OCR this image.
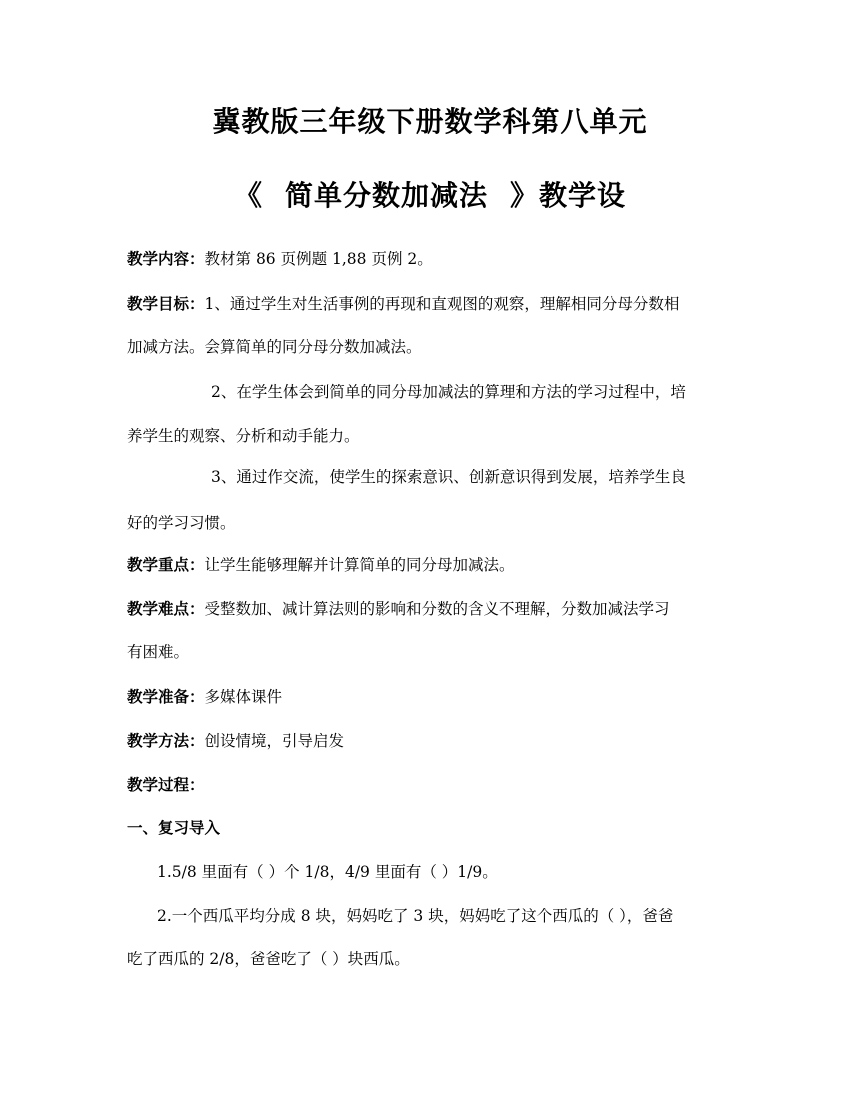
冀教版三年级下册数学科第八单元
《 简单分数加减法 》教学设
教学内容：教材第 86 页例题 1,88 页例 2。
教学目标：1、通过学生对生活事例的再现和直观图的观察，理解相同分母分数相
加减方法。会算简单的同分母分数加减法。
2、在学生体会到简单的同分母加减法的算理和方法的学习过程中，培
养学生的观察、分析和动手能力。
3、通过作交流，使学生的探索意识、创新意识得到发展，培养学生良
好的学习习惯。
教学重点：让学生能够理解并计算简单的同分母加减法。
教学难点：受整数加、减计算法则的影响和分数的含义不理解，分数加减法学习
有困难。
教学准备：多媒体课件
教学方法：创设情境，引导启发
教学过程：
一、复习导入
1.5/8 里面有（ ）个 1/8，4/9 里面有（ ）1/9。
2.一个西瓜平均分成 8 块，妈妈吃了 3 块，妈妈吃了这个西瓜的（ ），爸爸
吃了西瓜的 2/8，爸爸吃了（ ）块西瓜。
